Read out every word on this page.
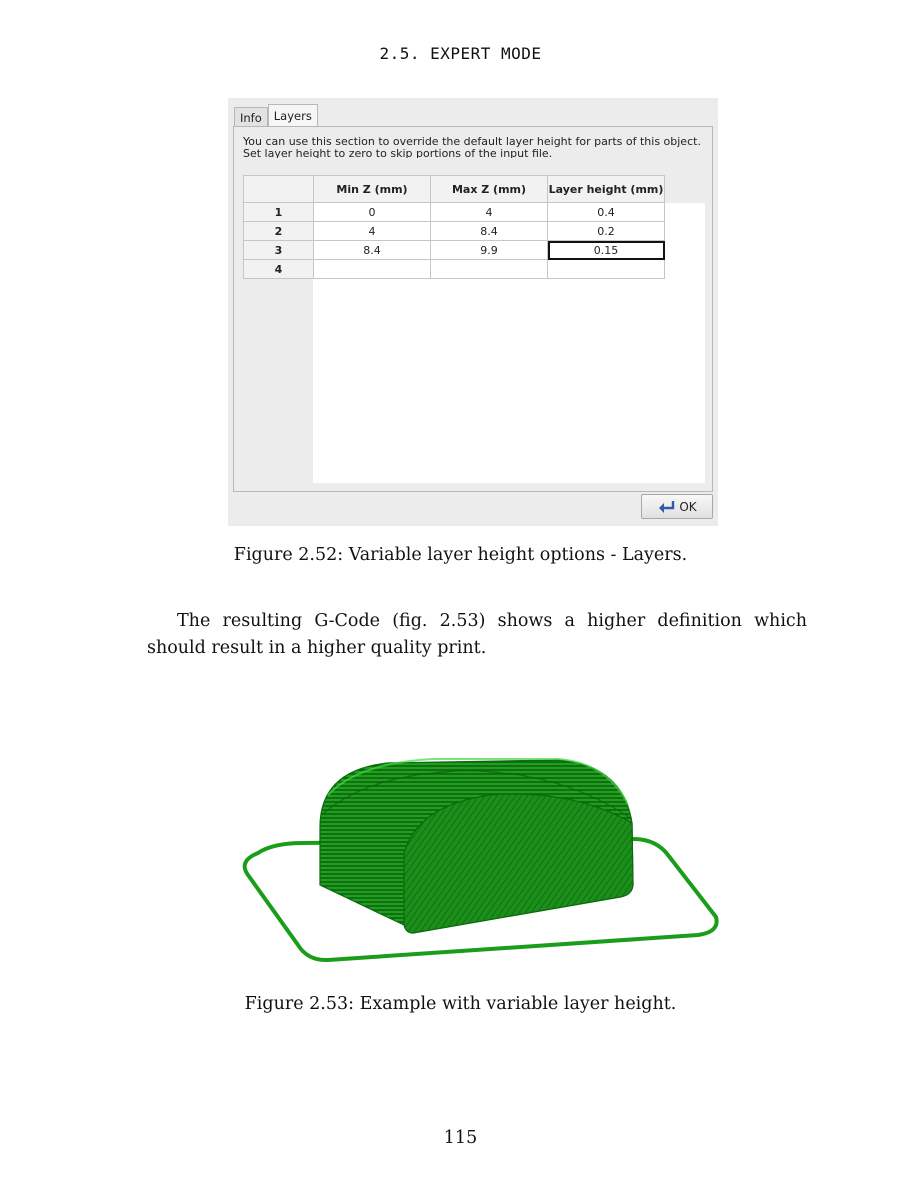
2.5. EXPERT MODE
Info	Layers
You can use this section to override the default layer height for parts of this object. Set layer height to zero to skip portions of the input file.
	Min Z (mm)	Max Z (mm)	Layer height (mm)
1	0	4	0.4
2	4	8.4	0.2
3	8.4	9.9	0.15
4			
OK
Figure 2.52: Variable layer height options - Layers.
The resulting G-Code (fig. 2.53) shows a higher definition which should result in a higher quality print.
Figure 2.53: Example with variable layer height.
115
